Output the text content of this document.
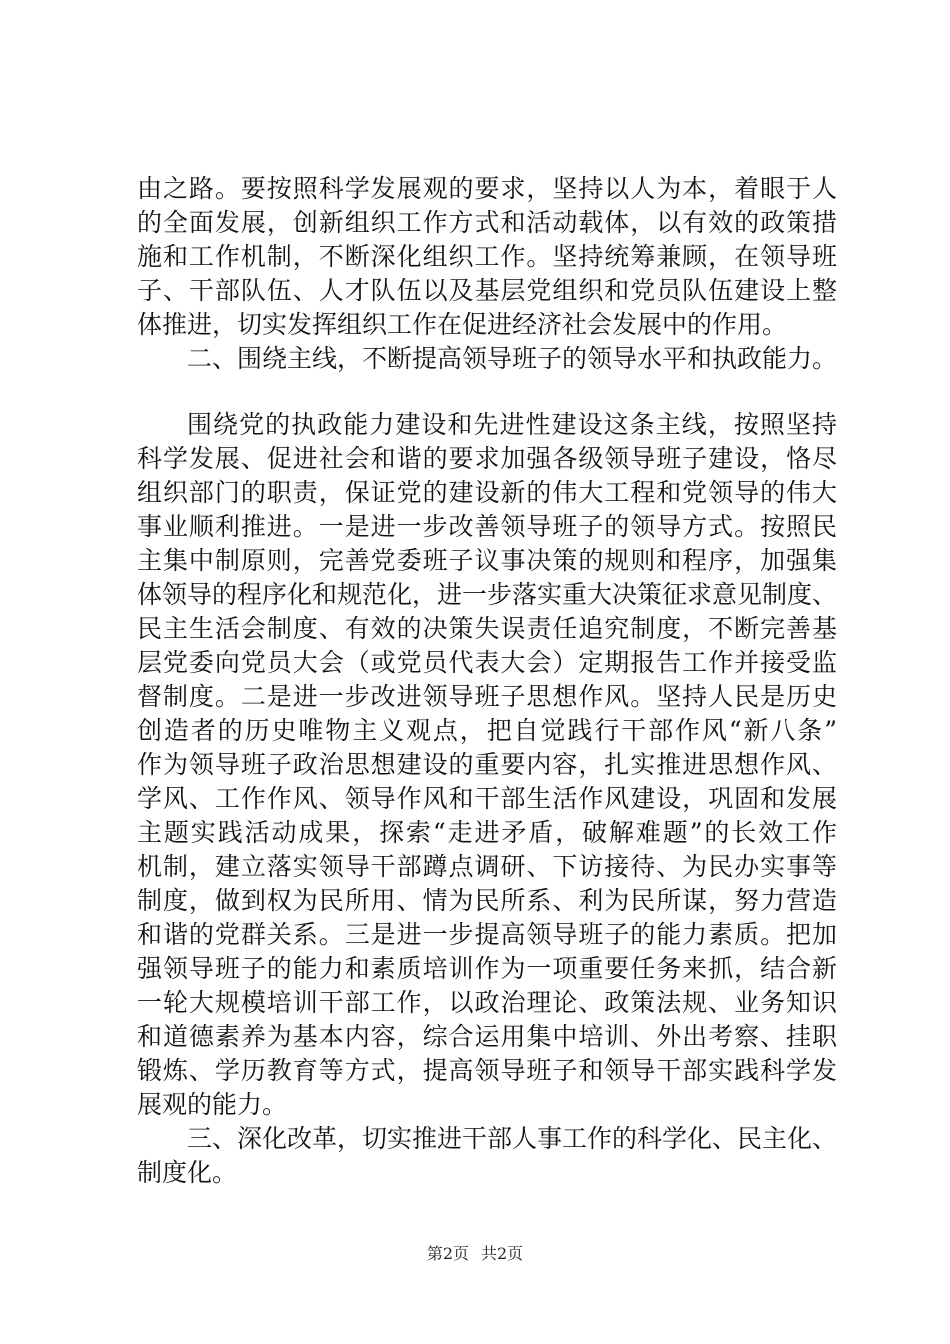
由之路。要按照科学发展观的要求，坚持以人为本，着眼于人
的全面发展，创新组织工作方式和活动载体，以有效的政策措
施和工作机制，不断深化组织工作。坚持统筹兼顾，在领导班
子、干部队伍、人才队伍以及基层党组织和党员队伍建设上整
体推进，切实发挥组织工作在促进经济社会发展中的作用。
二、围绕主线，不断提高领导班子的领导水平和执政能力。
围绕党的执政能力建设和先进性建设这条主线，按照坚持
科学发展、促进社会和谐的要求加强各级领导班子建设，恪尽
组织部门的职责，保证党的建设新的伟大工程和党领导的伟大
事业顺利推进。一是进一步改善领导班子的领导方式。按照民
主集中制原则，完善党委班子议事决策的规则和程序，加强集
体领导的程序化和规范化，进一步落实重大决策征求意见制度、
民主生活会制度、有效的决策失误责任追究制度，不断完善基
层党委向党员大会（或党员代表大会）定期报告工作并接受监
督制度。二是进一步改进领导班子思想作风。坚持人民是历史
创造者的历史唯物主义观点，把自觉践行干部作风“新八条”
作为领导班子政治思想建设的重要内容，扎实推进思想作风、
学风、工作作风、领导作风和干部生活作风建设，巩固和发展
主题实践活动成果，探索“走进矛盾，破解难题”的长效工作
机制，建立落实领导干部蹲点调研、下访接待、为民办实事等
制度，做到权为民所用、情为民所系、利为民所谋，努力营造
和谐的党群关系。三是进一步提高领导班子的能力素质。把加
强领导班子的能力和素质培训作为一项重要任务来抓，结合新
一轮大规模培训干部工作，以政治理论、政策法规、业务知识
和道德素养为基本内容，综合运用集中培训、外出考察、挂职
锻炼、学历教育等方式，提高领导班子和领导干部实践科学发
展观的能力。
三、深化改革，切实推进干部人事工作的科学化、民主化、
制度化。
第2页 共2页
